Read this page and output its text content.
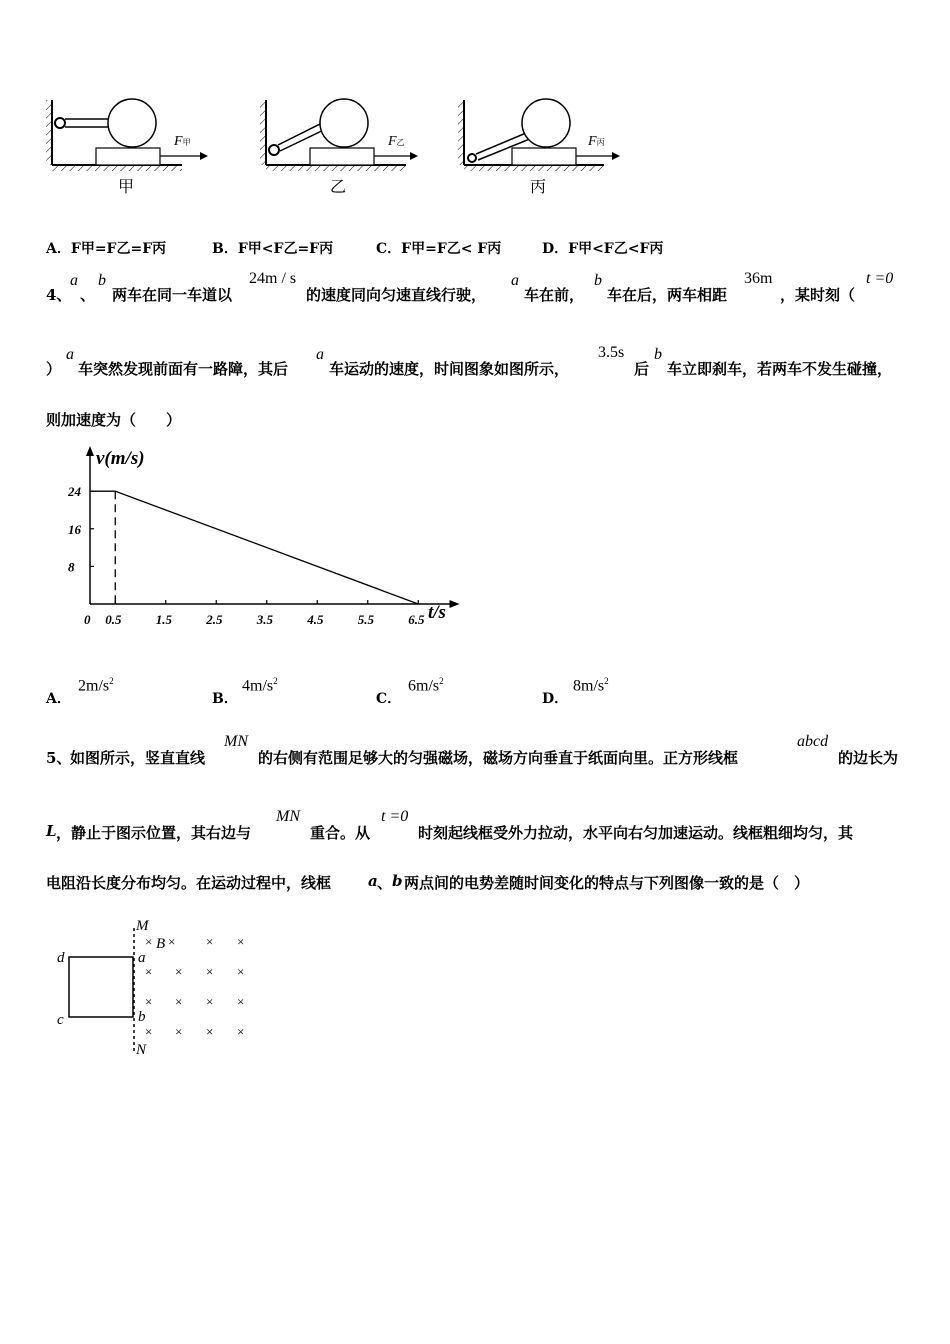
F甲
甲
F乙
乙
F丙
丙
A．F甲=F乙=F丙	B．F甲<F乙=F丙	C．F甲=F乙< F丙	D．F甲<F乙<F丙
4、
a
、
b
两车在同一车道以
24m / s
的速度同向匀速直线行驶，
a
车在前，
b
车在后，两车相距
36m
，某时刻（
t =0
）
a
车突然发现前面有一路障，其后
a
车运动的速度，时间图象如图所示，
3.5s
后
b
车立即刹车，若两车不发生碰撞，
则加速度为（　　）
24
16
8
0 0.5	1.5	2.5	3.5	4.5	5.5	6.5
v(m/s)
t/s
A．
$2m/s^2$
B．
$4m/s^2$
C．
$6m/s^2$
D．
$8m/s^2$
5、
如图所示，竖直直线
MN
的右侧有范围足够大的匀强磁场，磁场方向垂直于纸面向里。正方形线框
abcd
的边长为
L ，静止于图示位置，其右边与
MN
重合。从
t =0
时刻起线框受外力拉动，水平向右匀加速运动。线框粗细均匀，其
电阻沿长度分布均匀。在运动过程中，线框 a 、 b 两点间的电势差随时间变化的特点与下列图像一致的是（　）
M
N
B
d
c
a
b
×	× ×
× × × ×
× × × ×
× × × ×
×
